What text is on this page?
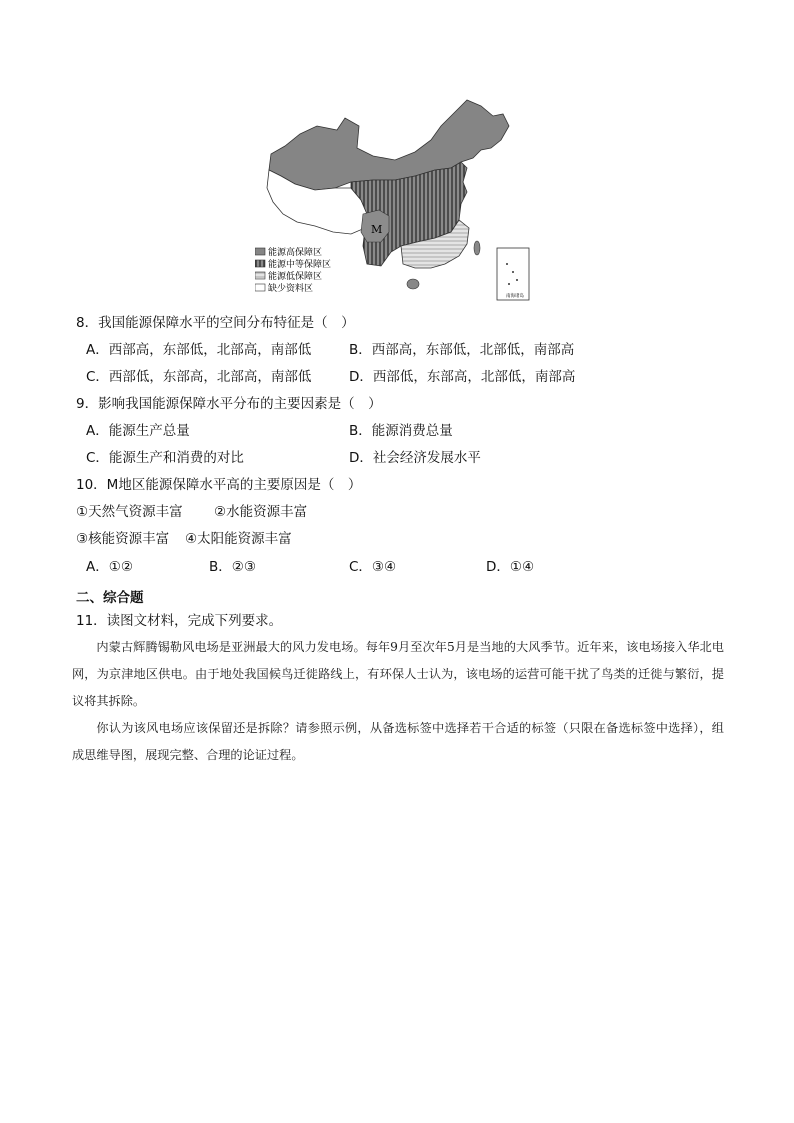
M
能源高保障区
能源中等保障区
能源低保障区
缺少资料区
南海诸岛
8．我国能源保障水平的空间分布特征是（　）
A．西部高，东部低，北部高，南部低	B．西部高，东部低，北部低，南部高
C．西部低，东部高，北部高，南部低	D．西部低，东部高，北部低，南部高
9．影响我国能源保障水平分布的主要因素是（　）
A．能源生产总量	B．能源消费总量
C．能源生产和消费的对比	D．社会经济发展水平
10．M地区能源保障水平高的主要原因是（　）
①天然气资源丰富 ②水能资源丰富
③核能资源丰富 ④太阳能资源丰富
A．①②	B．②③	C．③④	D．①④
二、综合题
11．读图文材料，完成下列要求。

内蒙古辉腾锡勒风电场是亚洲最大的风力发电场。每年9月至次年5月是当地的大风季节。近年来，该电场接入华北电网，为京津地区供电。由于地处我国候鸟迁徙路线上，有环保人士认为，该电场的运营可能干扰了鸟类的迁徙与繁衍，提议将其拆除。

你认为该风电场应该保留还是拆除？请参照示例，从备选标签中选择若干合适的标签（只限在备选标签中选择），组成思维导图，展现完整、合理的论证过程。
